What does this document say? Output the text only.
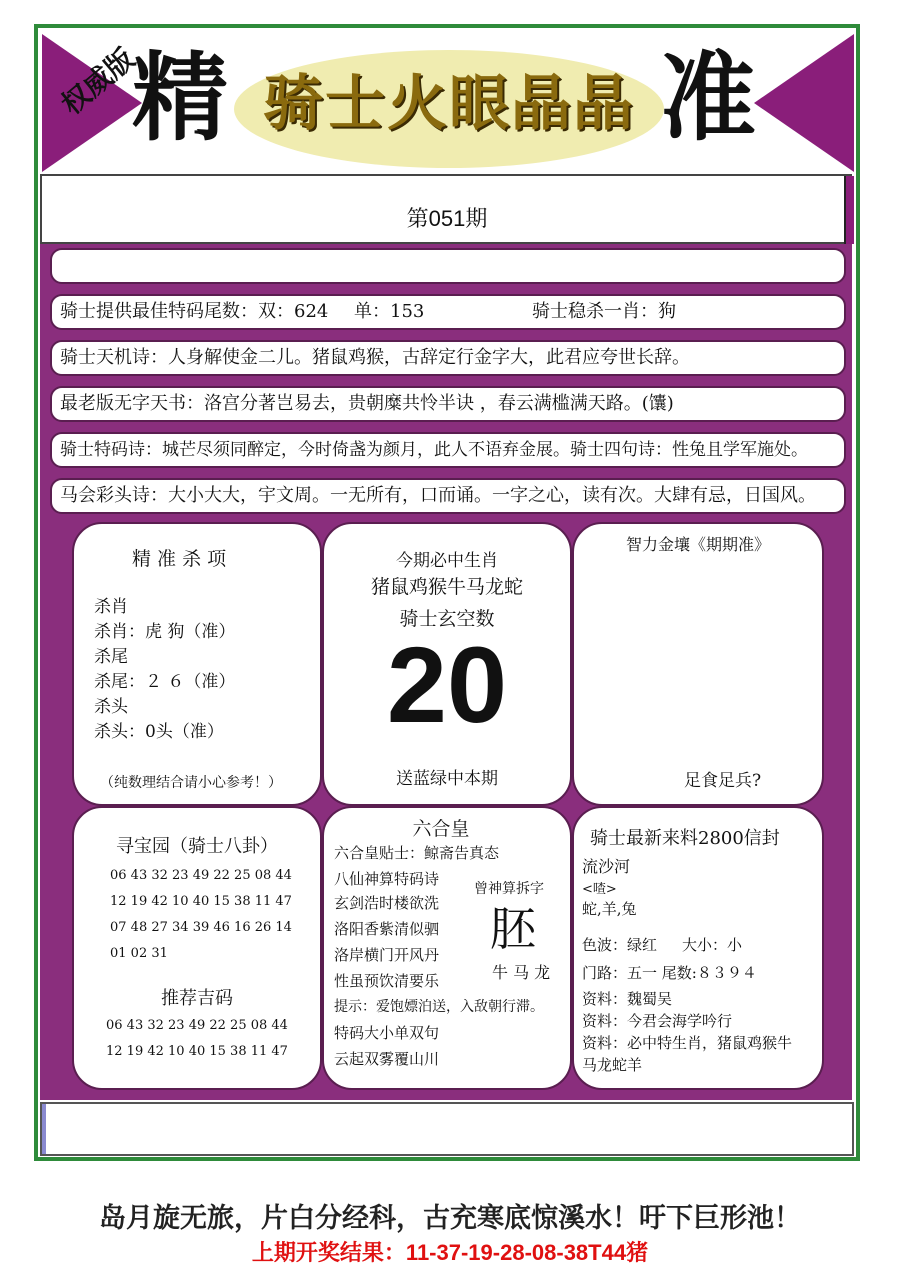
权威版
精 骑士火眼晶晶 准
第051期
骑士提供最佳特码尾数：双：624 单：153	骑士稳杀一肖：狗
骑士天机诗：人身解使金二儿。猪鼠鸡猴，古辞定行金字大，此君应夸世长辞。
最老版无字天书：洛宫分著岂易去，贵朝糜共怜半诀 ，春云满槛满天路。(馕)
骑士特码诗：城芒尽须同醉定，今时倚盏为颜月，此人不语弃金展。骑士四句诗：性兔且学军施处。
马会彩头诗：大小大大，宇文周。一无所有，口而诵。一字之心，读有次。大肆有忌，日国风。
精 准 杀 项
杀肖
杀肖：虎 狗（准）
杀尾
杀尾：２ ６（准）
杀头
杀头：0头（准）
（纯数理结合请小心参考！）
今期必中生肖
猪鼠鸡猴牛马龙蛇
骑士玄空数
20
送蓝绿中本期
智力金壤《期期准》
足食足兵?
寻宝园（骑士八卦）
06 43 32 23 49 22 25 08 44
12 19 42 10 40 15 38 11 47
07 48 27 34 39 46 16 26 14
01 02 31
推荐吉码
06 43 32 23 49 22 25 08 44
12 19 42 10 40 15 38 11 47
六合皇
六合皇贴士：鲸斋告真态
八仙神算特码诗
玄剑浩时楼欲洗
洛阳香紫清似驷
洛岸横门开风丹
性虽预饮清要乐
曾神算拆字
胚
牛 马 龙
提示：爱饱嫖泊送，入敌朝行滞。
特码大小单双句
云起双雾覆山川
骑士最新来料2800信封
流沙河
<喳>
蛇,羊,兔
色波：绿红 大小：小
门路：五一 尾数:８３９４
资料：魏蜀吴
资料：今君会海学吟行
资料：必中特生肖，猪鼠鸡猴牛
马龙蛇羊
岛月旋无旅，片白分经科，古充寒底惊溪水！吁下巨形池！
上期开奖结果：11-37-19-28-08-38T44猪
